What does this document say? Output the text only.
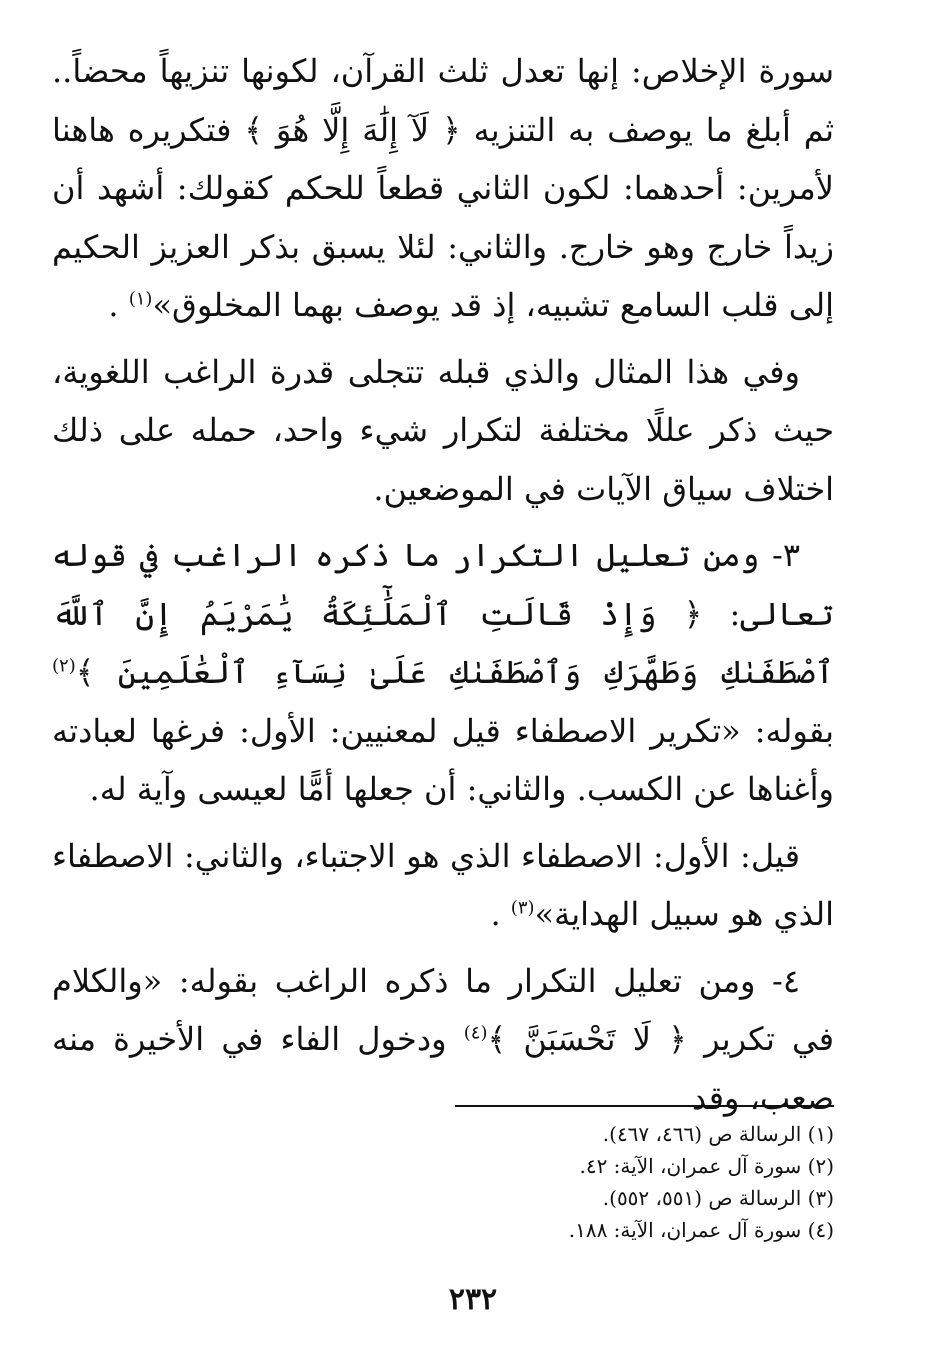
سورة الإخلاص: إنها تعدل ثلث القرآن، لكونها تنزيهاً محضاً.. ثم أبلغ ما يوصف به التنزيه ﴿ لَآ إِلَٰهَ إِلَّا هُوَ ﴾ فتكريره هاهنا لأمرين: أحدهما: لكون الثاني قطعاً للحكم كقولك: أشهد أن زيداً خارج وهو خارج. والثاني: لئلا يسبق بذكر العزيز الحكيم إلى قلب السامع تشبيه، إذ قد يوصف بهما المخلوق»$^{(١)}$ .

وفي هذا المثال والذي قبله تتجلى قدرة الراغب اللغوية، حيث ذكر عللًا مختلفة لتكرار شيء واحد، حمله على ذلك اختلاف سياق الآيات في الموضعين.

٣- ومن تعليل التكرار ما ذكره الراغب في قوله تعالى: ﴿ وَإِذْ قَالَتِ ٱلْمَلَٰٓئِكَةُ يَٰمَرْيَمُ إِنَّ ٱللَّهَ ٱصْطَفَىٰكِ وَطَهَّرَكِ وَٱصْطَفَىٰكِ عَلَىٰ نِسَآءِ ٱلْعَٰلَمِينَ ﴾$^{(٢)}$ بقوله: «تكرير الاصطفاء قيل لمعنيين: الأول: فرغها لعبادته وأغناها عن الكسب. والثاني: أن جعلها أمًّا لعيسى وآية له.

قيل: الأول: الاصطفاء الذي هو الاجتباء، والثاني: الاصطفاء الذي هو سبيل الهداية»$^{(٣)}$ .

٤- ومن تعليل التكرار ما ذكره الراغب بقوله: «والكلام في تكرير ﴿ لَا تَحْسَبَنَّ ﴾$^{(٤)}$ ودخول الفاء في الأخيرة منه صعب، وقد

(١) الرسالة ص (٤٦٦، ٤٦٧).
(٢) سورة آل عمران، الآية: ٤٢.
(٣) الرسالة ص (٥٥١، ٥٥٢).
(٤) سورة آل عمران، الآية: ١٨٨.
٢٣٢
